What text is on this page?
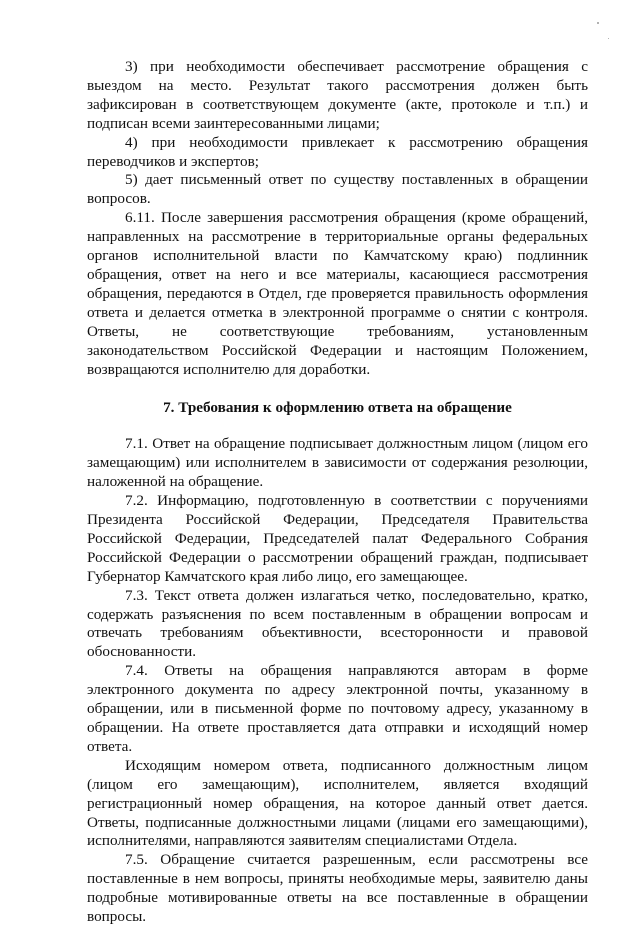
3) при необходимости обеспечивает рассмотрение обращения с выездом на место. Результат такого рассмотрения должен быть зафиксирован в соответствующем документе (акте, протоколе и т.п.) и подписан всеми заинтересованными лицами;

4) при необходимости привлекает к рассмотрению обращения переводчиков и экспертов;

5) дает письменный ответ по существу поставленных в обращении вопросов.

6.11. После завершения рассмотрения обращения (кроме обращений, направленных на рассмотрение в территориальные органы федеральных органов исполнительной власти по Камчатскому краю) подлинник обращения, ответ на него и все материалы, касающиеся рассмотрения обращения, передаются в Отдел, где проверяется правильность оформления ответа и делается отметка в электронной программе о снятии с контроля. Ответы, не соответствующие требованиям, установленным законодательством Российской Федерации и настоящим Положением, возвращаются исполнителю для доработки.

7. Требования к оформлению ответа на обращение

7.1. Ответ на обращение подписывает должностным лицом (лицом его замещающим) или исполнителем в зависимости от содержания резолюции, наложенной на обращение.

7.2. Информацию, подготовленную в соответствии с поручениями Президента Российской Федерации, Председателя Правительства Российской Федерации, Председателей палат Федерального Собрания Российской Федерации о рассмотрении обращений граждан, подписывает Губернатор Камчатского края либо лицо, его замещающее.

7.3. Текст ответа должен излагаться четко, последовательно, кратко, содержать разъяснения по всем поставленным в обращении вопросам и отвечать требованиям объективности, всесторонности и правовой обоснованности.

7.4. Ответы на обращения направляются авторам в форме электронного документа по адресу электронной почты, указанному в обращении, или в письменной форме по почтовому адресу, указанному в обращении. На ответе проставляется дата отправки и исходящий номер ответа.

Исходящим номером ответа, подписанного должностным лицом (лицом его замещающим), исполнителем, является входящий регистрационный номер обращения, на которое данный ответ дается. Ответы, подписанные должностными лицами (лицами его замещающими), исполнителями, направляются заявителям специалистами Отдела.

7.5. Обращение считается разрешенным, если рассмотрены все поставленные в нем вопросы, приняты необходимые меры, заявителю даны подробные мотивированные ответы на все поставленные в обращении вопросы.
